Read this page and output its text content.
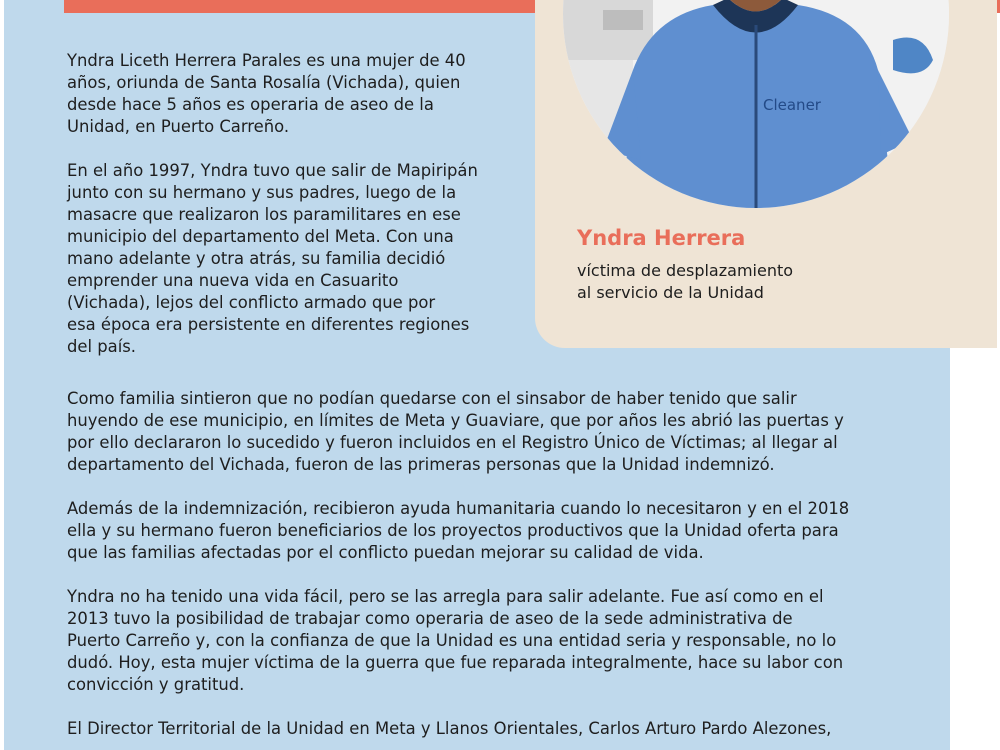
Cleaner
Yndra Herrera

víctima de desplazamiento
al servicio de la Unidad

Yndra Liceth Herrera Parales es una mujer de 40
años, oriunda de Santa Rosalía (Vichada), quien
desde hace 5 años es operaria de aseo de la
Unidad, en Puerto Carreño.

En el año 1997, Yndra tuvo que salir de Mapiripán
junto con su hermano y sus padres, luego de la
masacre que realizaron los paramilitares en ese
municipio del departamento del Meta. Con una
mano adelante y otra atrás, su familia decidió
emprender una nueva vida en Casuarito
(Vichada), lejos del conflicto armado que por
esa época era persistente en diferentes regiones
del país.

Como familia sintieron que no podían quedarse con el sinsabor de haber tenido que salir
huyendo de ese municipio, en límites de Meta y Guaviare, que por años les abrió las puertas y
por ello declararon lo sucedido y fueron incluidos en el Registro Único de Víctimas; al llegar al
departamento del Vichada, fueron de las primeras personas que la Unidad indemnizó.

Además de la indemnización, recibieron ayuda humanitaria cuando lo necesitaron y en el 2018
ella y su hermano fueron beneficiarios de los proyectos productivos que la Unidad oferta para
que las familias afectadas por el conflicto puedan mejorar su calidad de vida.

Yndra no ha tenido una vida fácil, pero se las arregla para salir adelante. Fue así como en el
2013 tuvo la posibilidad de trabajar como operaria de aseo de la sede administrativa de
Puerto Carreño y, con la confianza de que la Unidad es una entidad seria y responsable, no lo
dudó. Hoy, esta mujer víctima de la guerra que fue reparada integralmente, hace su labor con
convicción y gratitud.

El Director Territorial de la Unidad en Meta y Llanos Orientales, Carlos Arturo Pardo Alezones,
